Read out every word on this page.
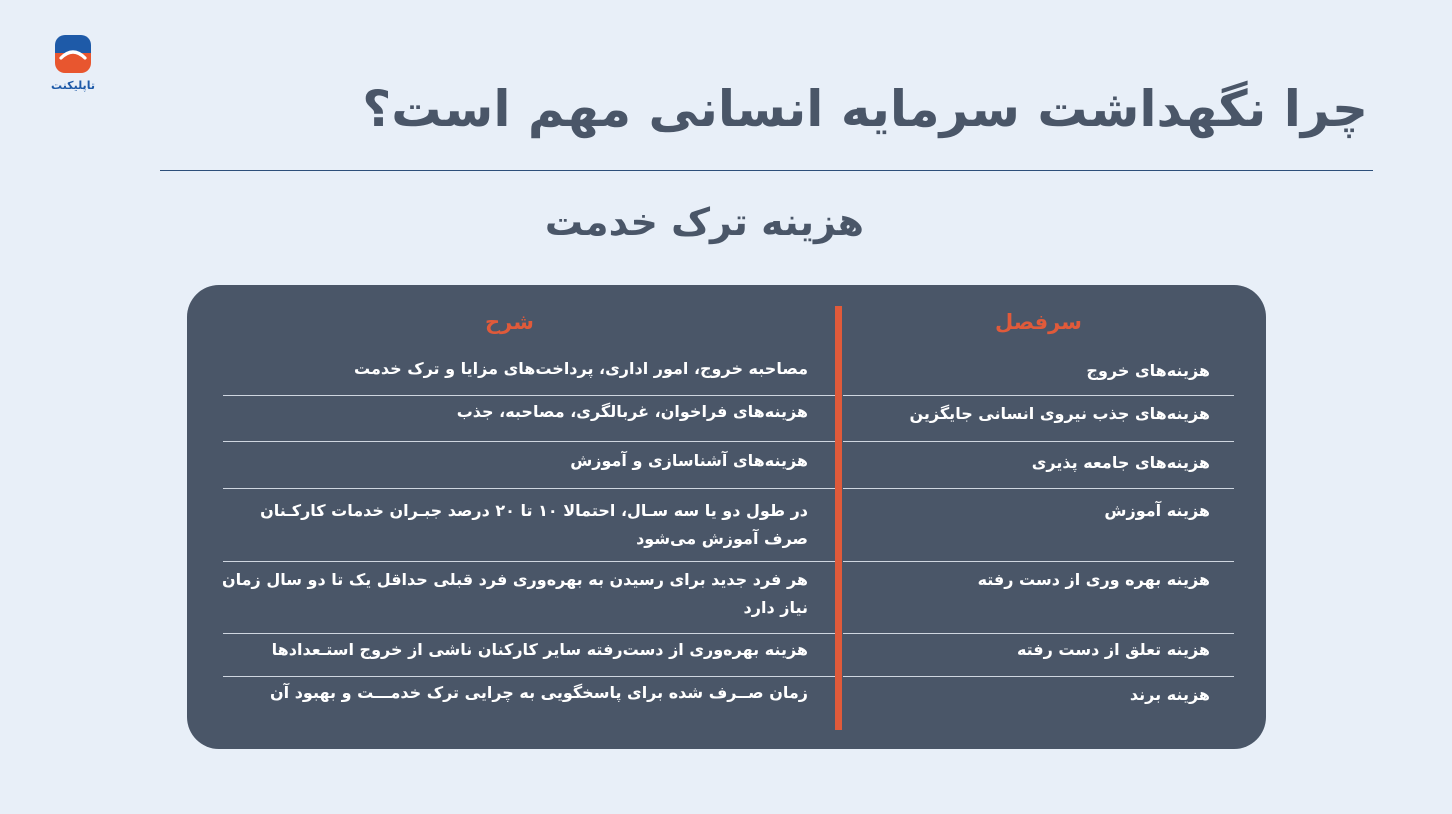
تاپلیکنت	چرا نگهداشت سرمایه انسانی مهم است؟
هزینه ترک خدمت
سرفصل
شرح
هزینه‌های خروج
مصاحبه خروج، امور اداری، پرداخت‌های مزایا و ترک خدمت
هزینه‌های جذب نیروی انسانی جایگزین
هزینه‌های فراخوان، غربالگری، مصاحبه، جذب
هزینه‌های جامعه پذیری
هزینه‌های آشناسازی و آموزش
هزینه آموزش
در طول دو یا سه سـال، احتمالا ۱۰ تا ۲۰ درصد جبـران خدمات کارکـنان صرف آموزش می‌شود
هزینه بهره وری از دست رفته
هر فرد جدید برای رسیدن به بهره‌وری فرد قبلی حداقل یک تا دو سال زمان نیاز دارد
هزینه تعلق از دست رفته
هزینه بهره‌وری از دست‌رفته سایر کارکنان ناشی از خروج استـعدادها
هزینه برند
زمان صــرف شده برای پاسخگویی به چرایی ترک خدمـــت و بهبود آن
